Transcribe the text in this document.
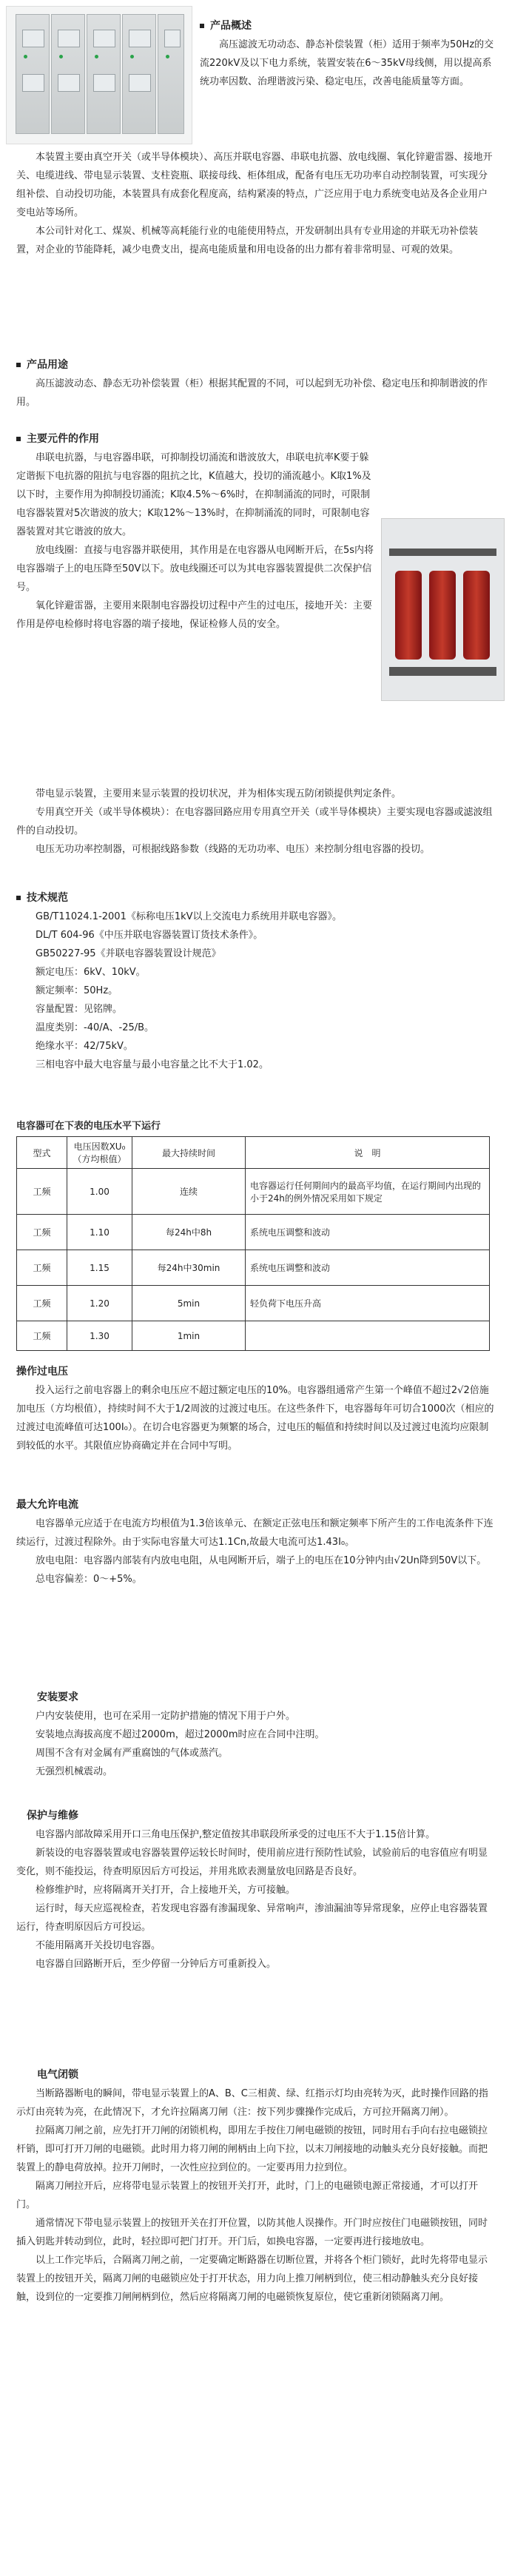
产品概述

高压滤波无功动态、静态补偿装置（柜）适用于频率为50Hz的交流220kV及以下电力系统，装置安装在6～35kV母线侧，用以提高系统功率因数、治理谐波污染、稳定电压，改善电能质量等方面。

本装置主要由真空开关（或半导体模块）、高压并联电容器、串联电抗器、放电线圈、氧化锌避雷器、接地开关、电缆进线、带电显示装置、支柱瓷瓶、联接母线、柜体组成，配备有电压无功功率自动控制装置，可实现分组补偿、自动投切功能，本装置具有成套化程度高，结构紧凑的特点，广泛应用于电力系统变电站及各企业用户变电站等场所。

本公司针对化工、煤炭、机械等高耗能行业的电能使用特点，开发研制出具有专业用途的并联无功补偿装置，对企业的节能降耗，减少电费支出，提高电能质量和用电设备的出力都有着非常明显、可观的效果。

产品用途

高压滤波动态、静态无功补偿装置（柜）根据其配置的不同，可以起到无功补偿、稳定电压和抑制谐波的作用。

主要元件的作用

串联电抗器，与电容器串联，可抑制投切涌流和谐波放大，串联电抗率K要于躲定谐振下电抗器的阻抗与电容器的阻抗之比，K值越大，投切的涌流越小。K取1%及以下时，主要作用为抑制投切涌流；K取4.5%～6%时，在抑制涌流的同时，可限制电容器装置对5次谐波的放大；K取12%～13%时，在抑制涌流的同时，可限制电容器装置对其它谐波的放大。

放电线圈：直接与电容器并联使用，其作用是在电容器从电网断开后，在5s内将电容器端子上的电压降至50V以下。放电线圈还可以为其电容器装置提供二次保护信号。

氧化锌避雷器，主要用来限制电容器投切过程中产生的过电压，接地开关：主要作用是停电检修时将电容器的端子接地，保证检修人员的安全。

带电显示装置，主要用来显示装置的投切状况，并为相体实现五防闭锁提供判定条件。

专用真空开关（或半导体模块）：在电容器回路应用专用真空开关（或半导体模块）主要实现电容器或滤波组件的自动投切。

电压无功功率控制器，可根据线路参数（线路的无功功率、电压）来控制分组电容器的投切。

技术规范

GB/T11024.1-2001《标称电压1kV以上交流电力系统用并联电容器》。

DL/T 604-96《中压并联电容器装置订货技术条件》。

GB50227-95《并联电容器装置设计规范》

额定电压：6kV、10kV。

额定频率：50Hz。

容量配置：见铭牌。

温度类别：-40/A、-25/B。

绝缘水平：42/75kV。

三相电容中最大电容量与最小电容量之比不大于1.02。

电容器可在下表的电压水平下运行
型式	电压因数XU₀（方均根值）	最大持续时间	说　明
工频	1.00	连续	电容器运行任何期间内的最高平均值，在运行期间内出现的小于24h的例外情况采用如下规定
工频	1.10	每24h中8h	系统电压调整和波动
工频	1.15	每24h中30min	系统电压调整和波动
工频	1.20	5min	轻负荷下电压升高
工频	1.30	1min	

操作过电压

投入运行之前电容器上的剩余电压应不超过额定电压的10%。电容器组通常产生第一个峰值不超过2√2倍施加电压（方均根值），持续时间不大于1/2周波的过渡过电压。在这些条件下，电容器每年可切合1000次（相应的过渡过电流峰值可达100I₀）。在切合电容器更为频繁的场合，过电压的幅值和持续时间以及过渡过电流均应限制到较低的水平。其限值应协商确定并在合同中写明。

最大允许电流

电容器单元应适于在电流方均根值为1.3倍该单元、在额定正弦电压和额定频率下所产生的工作电流条件下连续运行，过渡过程除外。由于实际电容量大可达1.1Cn,故最大电流可达1.43I₀。

放电电阻：电容器内部装有内放电电阻，从电网断开后，端子上的电压在10分钟内由√2Un降到50V以下。

总电容偏差：0～+5%。

安装要求

户内安装使用，也可在采用一定防护措施的情况下用于户外。

安装地点海拔高度不超过2000m，超过2000m时应在合同中注明。

周围不含有对金属有严重腐蚀的气体或蒸汽。

无强烈机械震动。

保护与维修

电容器内部故障采用开口三角电压保护,整定值按其串联段所承受的过电压不大于1.15倍计算。

新装设的电容器装置或电容器装置停运较长时间时，使用前应进行预防性试验，试验前后的电容值应有明显变化，则不能投运，待查明原因后方可投运，并用兆欧表测量放电回路是否良好。

检修维护时，应将隔离开关打开，合上接地开关，方可接触。

运行时，每天应巡视检查，若发现电容器有渗漏现象、异常响声，渗油漏油等异常现象，应停止电容器装置运行，待查明原因后方可投运。

不能用隔离开关投切电容器。

电容器自回路断开后，至少停留一分钟后方可重新投入。

电气闭锁

当断路器断电的瞬间，带电显示装置上的A、B、C三相黄、绿、红指示灯均由亮转为灭，此时操作回路的指示灯由亮转为亮，在此情况下，才允许拉隔离刀闸（注：按下列步骤操作完成后，方可拉开隔离刀闸）。

拉隔离刀闸之前，应先打开刀闸的闭锁机构，即用左手按住刀闸电磁锁的按钮，同时用右手向右拉电磁锁拉杆销，即可打开刀闸的电磁锁。此时用力将刀闸的闸柄由上向下拉，以末刀闸接地的动触头充分良好接触。而把装置上的静电荷放掉。拉开刀闸时，一次性应拉到位的。一定要再用力拉到位。

隔离刀闸拉开后，应将带电显示装置上的按钮开关打开，此时，门上的电磁锁电源正常接通，才可以打开门。

通常情况下带电显示装置上的按钮开关在打开位置，以防其他人误操作。开门时应按住门电磁锁按钮，同时插入钥匙并转动到位，此时，轻拉即可把门打开。开门后，如换电容器，一定要再进行接地放电。

以上工作完毕后，合隔离刀闸之前，一定要确定断路器在切断位置，并将各个柜门锁好，此时先将带电显示装置上的按钮开关，隔离刀闸的电磁锁应处于打开状态，用力向上推刀闸柄到位，使三相动静触头充分良好接触，设到位的一定要推刀闸闸柄到位，然后应将隔离刀闸的电磁锁恢复原位，使它重新闭锁隔离刀闸。
